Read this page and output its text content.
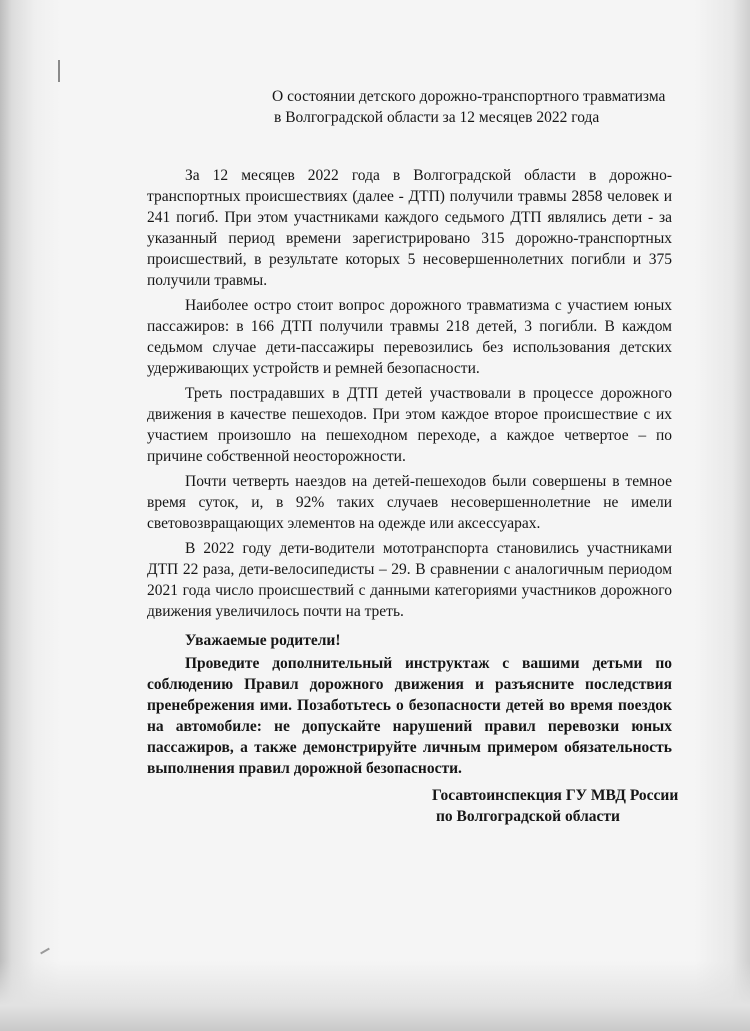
О состоянии детского дорожно-транспортного травматизма
в Волгоградской области за 12 месяцев 2022 года

За 12 месяцев 2022 года в Волгоградской области в дорожно-транспортных происшествиях (далее - ДТП) получили травмы 2858 человек и 241 погиб. При этом участниками каждого седьмого ДТП являлись дети - за указанный период времени зарегистрировано 315 дорожно-транспортных происшествий, в результате которых 5 несовершеннолетних погибли и 375 получили травмы.

Наиболее остро стоит вопрос дорожного травматизма с участием юных пассажиров: в 166 ДТП получили травмы 218 детей, 3 погибли. В каждом седьмом случае дети-пассажиры перевозились без использования детских удерживающих устройств и ремней безопасности.

Треть пострадавших в ДТП детей участвовали в процессе дорожного движения в качестве пешеходов. При этом каждое второе происшествие с их участием произошло на пешеходном переходе, а каждое четвертое – по причине собственной неосторожности.

Почти четверть наездов на детей-пешеходов были совершены в темное время суток, и, в 92% таких случаев несовершеннолетние не имели световозвращающих элементов на одежде или аксессуарах.

В 2022 году дети-водители мототранспорта становились участниками ДТП 22 раза, дети-велосипедисты – 29. В сравнении с аналогичным периодом 2021 года число происшествий с данными категориями участников дорожного движения увеличилось почти на треть.

Уважаемые родители!

Проведите дополнительный инструктаж с вашими детьми по соблюдению Правил дорожного движения и разъясните последствия пренебрежения ими. Позаботьтесь о безопасности детей во время поездок на автомобиле: не допускайте нарушений правил перевозки юных пассажиров, а также демонстрируйте личным примером обязательность выполнения правил дорожной безопасности.

Госавтоинспекция ГУ МВД России
по Волгоградской области
